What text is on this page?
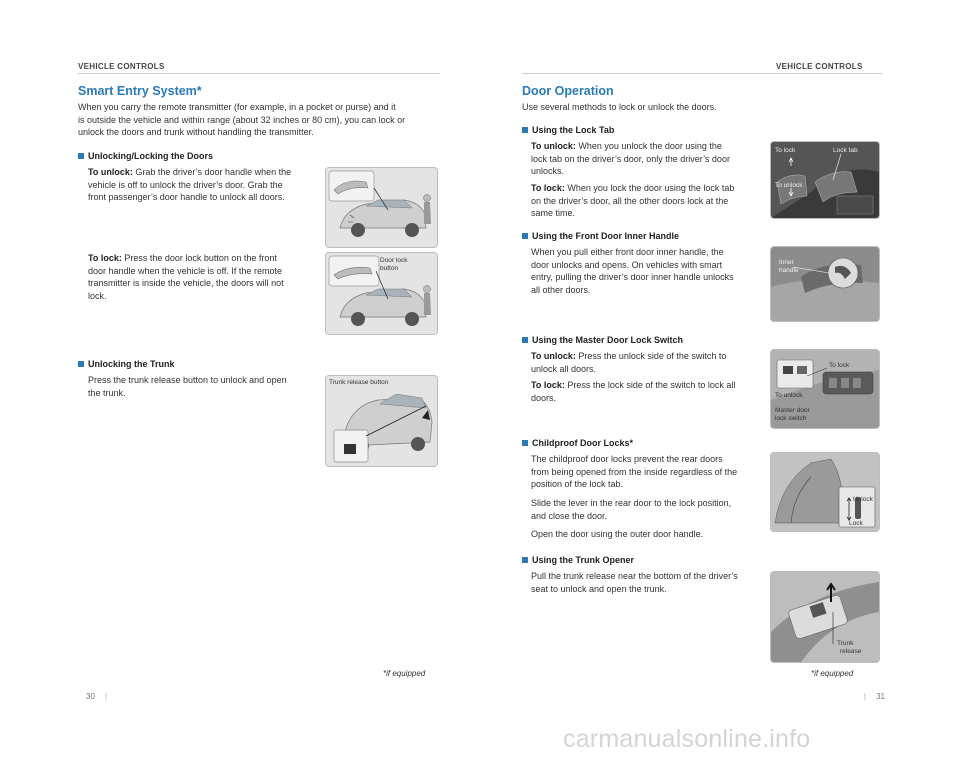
VEHICLE CONTROLS
Smart Entry System*
When you carry the remote transmitter (for example, in a pocket or purse) and it
is outside the vehicle and within range (about 32 inches or 80 cm), you can lock or
unlock the doors and trunk without handling the transmitter.
Unlocking/Locking the Doors
To unlock: Grab the driver’s door handle when the
vehicle is off to unlock the driver’s door. Grab the
front passenger’s door handle to unlock all doors.
To lock: Press the door lock button on the front
door handle when the vehicle is off. If the remote
transmitter is inside the vehicle, the doors will not
lock.
Door lock
button
Unlocking the Trunk
Press the trunk release button to unlock and open
the trunk.
Trunk release button
*if equipped
30 |
VEHICLE CONTROLS
Door Operation
Use several methods to lock or unlock the doors.
Using the Lock Tab
To unlock: When you unlock the door using the
lock tab on the driver’s door, only the driver’s door
unlocks.
To lock: When you lock the door using the lock tab
on the driver’s door, all the other doors lock at the
same time.
To lock	Lock tab
To unlock
Using the Front Door Inner Handle
When you pull either front door inner handle, the
door unlocks and opens. On vehicles with smart
entry, pulling the driver’s door inner handle unlocks
all other doors.
Inner
handle
Using the Master Door Lock Switch
To unlock: Press the unlock side of the switch to
unlock all doors.
To lock: Press the lock side of the switch to lock all
doors.
To lock
To unlock
Master door
lock switch
Childproof Door Locks*
The childproof door locks prevent the rear doors
from being opened from the inside regardless of the
position of the lock tab.
Slide the lever in the rear door to the lock position,
and close the door.
Open the door using the outer door handle.
Unlock
Lock
Using the Trunk Opener
Pull the trunk release near the bottom of the driver’s
seat to unlock and open the trunk.
Trunk
release
*if equipped
| 31
carmanualsonline.info
